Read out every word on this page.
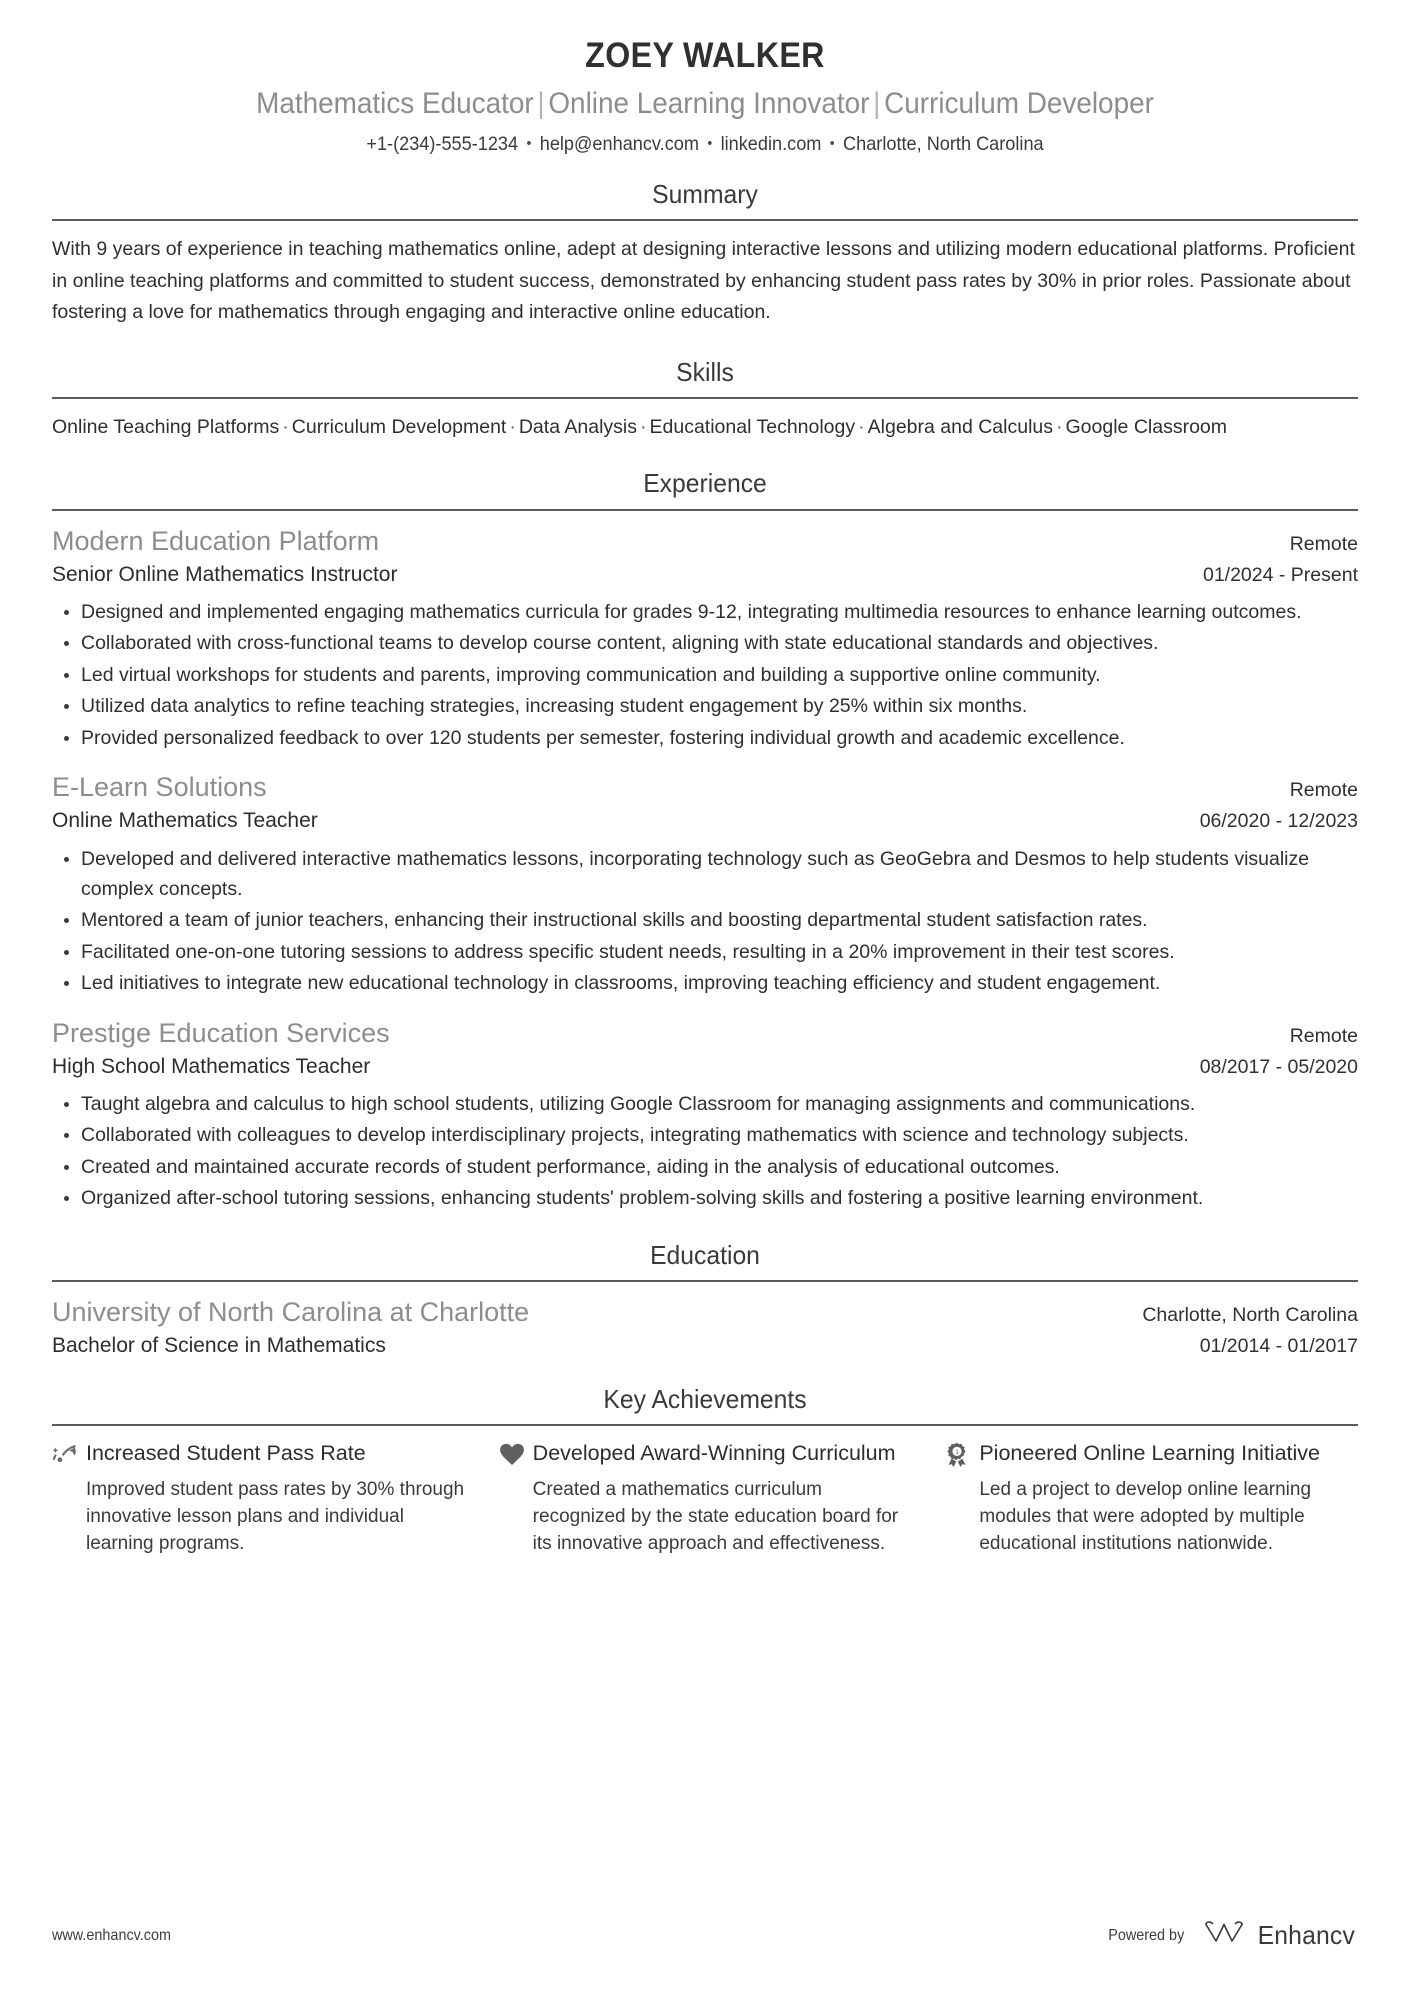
ZOEY WALKER
Mathematics Educator | Online Learning Innovator | Curriculum Developer
+1-(234)-555-1234 • help@enhancv.com • linkedin.com • Charlotte, North Carolina
Summary
With 9 years of experience in teaching mathematics online, adept at designing interactive lessons and utilizing modern educational platforms. Proficient in online teaching platforms and committed to student success, demonstrated by enhancing student pass rates by 30% in prior roles. Passionate about fostering a love for mathematics through engaging and interactive online education.
Skills
Online Teaching Platforms · Curriculum Development · Data Analysis · Educational Technology · Algebra and Calculus · Google Classroom
Experience
Modern Education Platform	Remote
Senior Online Mathematics Instructor	01/2024 - Present
Designed and implemented engaging mathematics curricula for grades 9-12, integrating multimedia resources to enhance learning outcomes.
Collaborated with cross-functional teams to develop course content, aligning with state educational standards and objectives.
Led virtual workshops for students and parents, improving communication and building a supportive online community.
Utilized data analytics to refine teaching strategies, increasing student engagement by 25% within six months.
Provided personalized feedback to over 120 students per semester, fostering individual growth and academic excellence.
E-Learn Solutions	Remote
Online Mathematics Teacher	06/2020 - 12/2023
Developed and delivered interactive mathematics lessons, incorporating technology such as GeoGebra and Desmos to help students visualize complex concepts.
Mentored a team of junior teachers, enhancing their instructional skills and boosting departmental student satisfaction rates.
Facilitated one-on-one tutoring sessions to address specific student needs, resulting in a 20% improvement in their test scores.
Led initiatives to integrate new educational technology in classrooms, improving teaching efficiency and student engagement.
Prestige Education Services	Remote
High School Mathematics Teacher	08/2017 - 05/2020
Taught algebra and calculus to high school students, utilizing Google Classroom for managing assignments and communications.
Collaborated with colleagues to develop interdisciplinary projects, integrating mathematics with science and technology subjects.
Created and maintained accurate records of student performance, aiding in the analysis of educational outcomes.
Organized after-school tutoring sessions, enhancing students' problem-solving skills and fostering a positive learning environment.
Education
University of North Carolina at Charlotte	Charlotte, North Carolina
Bachelor of Science in Mathematics	01/2014 - 01/2017
Key Achievements
Increased Student Pass Rate
Improved student pass rates by 30% through innovative lesson plans and individual learning programs.
Developed Award-Winning Curriculum
Created a mathematics curriculum recognized by the state education board for its innovative approach and effectiveness.
1 Pioneered Online Learning Initiative
Led a project to develop online learning modules that were adopted by multiple educational institutions nationwide.
www.enhancv.com	Powered by	Enhancv
